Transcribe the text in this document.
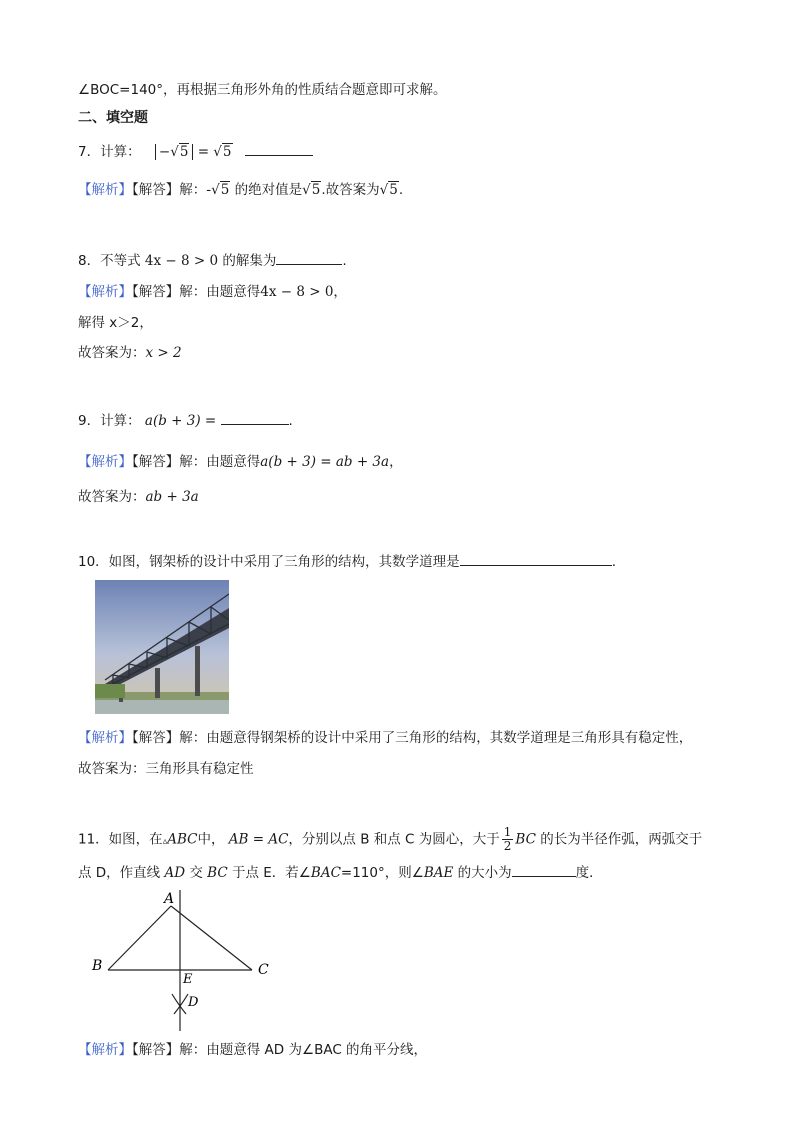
∠BOC=140°，再根据三角形外角的性质结合题意即可求解。
二、填空题
7．计算： −√5 = √5
【解析】【解答】解：-√5 的绝对值是√5.故答案为√5.
8．不等式 4x − 8 > 0 的解集为	.
【解析】【解答】解：由题意得4x − 8 > 0，
解得 x＞2，
故答案为：x > 2
9．计算： a(b + 3) =	.
【解析】【解答】解：由题意得a(b + 3) = ab + 3a，
故答案为：ab + 3a
10．如图，钢架桥的设计中采用了三角形的结构，其数学道理是	.
【解析】【解答】解：由题意得钢架桥的设计中采用了三角形的结构，其数学道理是三角形具有稳定性，
故答案为：三角形具有稳定性
11．如图，在▵ABC中， AB = AC，分别以点 B 和点 C 为圆心，大于 $\frac{1}{2}$ BC 的长为半径作弧，两弧交于
点 D，作直线 AD 交 BC 于点 E．若∠BAC=110°，则∠BAE 的大小为	度．
A
B	C
E
D
【解析】【解答】解：由题意得 AD 为∠BAC 的角平分线，
